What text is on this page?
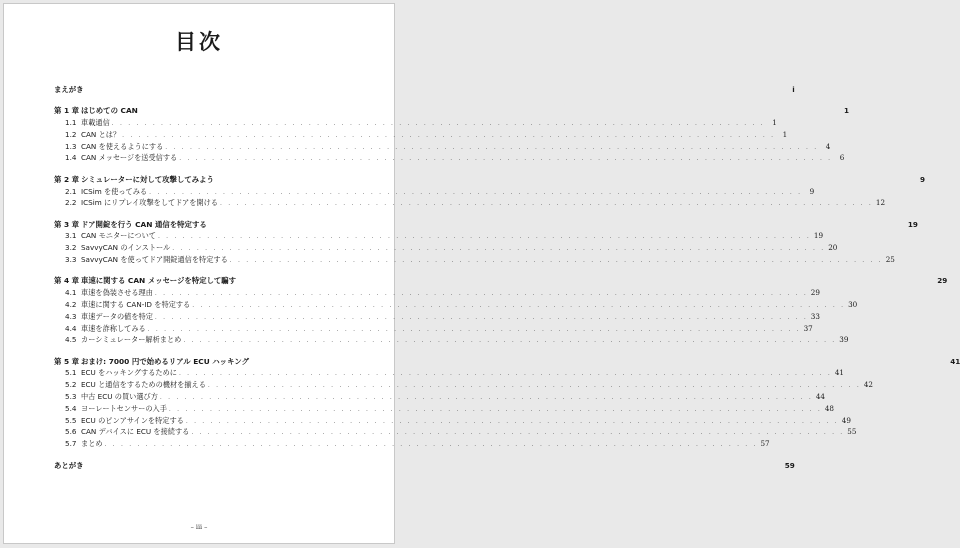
目次
まえがき	i
第 1 章 はじめての CAN	1
1.1 車載通信 . . . . . . . . . . . . . . . . . . . . . . . . . . . . . . . . . . . . . . . . . . . . . . . . . . . . . . . . . . . . . . . . . . . . . . . . . . . . . . . .	1
1.2 CAN とは？ . . . . . . . . . . . . . . . . . . . . . . . . . . . . . . . . . . . . . . . . . . . . . . . . . . . . . . . . . . . . . . . . . . . . . . . . . . . . . . . .	1
1.3 CAN を使えるようにする . . . . . . . . . . . . . . . . . . . . . . . . . . . . . . . . . . . . . . . . . . . . . . . . . . . . . . . . . . . . . . . . . . . . . . . . . . . . . . . .	4
1.4 CAN メッセージを送受信する . . . . . . . . . . . . . . . . . . . . . . . . . . . . . . . . . . . . . . . . . . . . . . . . . . . . . . . . . . . . . . . . . . . . . . . . . . . . . . . .	6
第 2 章 シミュレーターに対して攻撃してみよう	9
2.1 ICSim を使ってみる . . . . . . . . . . . . . . . . . . . . . . . . . . . . . . . . . . . . . . . . . . . . . . . . . . . . . . . . . . . . . . . . . . . . . . . . . . . . . . . .	9
2.2 ICSim にリプレイ攻撃をしてドアを開ける . . . . . . . . . . . . . . . . . . . . . . . . . . . . . . . . . . . . . . . . . . . . . . . . . . . . . . . . . . . . . . . . . . . . . . . . . . . . . . . . 12
第 3 章 ドア開錠を行う CAN 通信を特定する	19
3.1 CAN モニターについて . . . . . . . . . . . . . . . . . . . . . . . . . . . . . . . . . . . . . . . . . . . . . . . . . . . . . . . . . . . . . . . . . . . . . . . . . . . . . . . . 19
3.2 SavvyCAN のインストール . . . . . . . . . . . . . . . . . . . . . . . . . . . . . . . . . . . . . . . . . . . . . . . . . . . . . . . . . . . . . . . . . . . . . . . . . . . . . . . . 20
3.3 SavvyCAN を使ってドア開錠通信を特定する . . . . . . . . . . . . . . . . . . . . . . . . . . . . . . . . . . . . . . . . . . . . . . . . . . . . . . . . . . . . . . . . . . . . . . . . . . . . . . . . 25
第 4 章 車速に関する CAN メッセージを特定して騙す	29
4.1 車速を偽装させる理由 . . . . . . . . . . . . . . . . . . . . . . . . . . . . . . . . . . . . . . . . . . . . . . . . . . . . . . . . . . . . . . . . . . . . . . . . . . . . . . . . 29
4.2 車速に関する CAN-ID を特定する . . . . . . . . . . . . . . . . . . . . . . . . . . . . . . . . . . . . . . . . . . . . . . . . . . . . . . . . . . . . . . . . . . . . . . . . . . . . . . . . 30
4.3 車速データの値を特定 . . . . . . . . . . . . . . . . . . . . . . . . . . . . . . . . . . . . . . . . . . . . . . . . . . . . . . . . . . . . . . . . . . . . . . . . . . . . . . . . 33
4.4 車速を詐称してみる . . . . . . . . . . . . . . . . . . . . . . . . . . . . . . . . . . . . . . . . . . . . . . . . . . . . . . . . . . . . . . . . . . . . . . . . . . . . . . . . 37
4.5 カーシミュレーター解析まとめ . . . . . . . . . . . . . . . . . . . . . . . . . . . . . . . . . . . . . . . . . . . . . . . . . . . . . . . . . . . . . . . . . . . . . . . . . . . . . . . . 39
第 5 章 おまけ: 7000 円で始めるリアル ECU ハッキング	41
5.1 ECU をハッキングするために . . . . . . . . . . . . . . . . . . . . . . . . . . . . . . . . . . . . . . . . . . . . . . . . . . . . . . . . . . . . . . . . . . . . . . . . . . . . . . . . 41
5.2 ECU と通信をするための機材を揃える . . . . . . . . . . . . . . . . . . . . . . . . . . . . . . . . . . . . . . . . . . . . . . . . . . . . . . . . . . . . . . . . . . . . . . . . . . . . . . . . 42
5.3 中古 ECU の買い選び方 . . . . . . . . . . . . . . . . . . . . . . . . . . . . . . . . . . . . . . . . . . . . . . . . . . . . . . . . . . . . . . . . . . . . . . . . . . . . . . . . 44
5.4 ヨーレートセンサーの入手 . . . . . . . . . . . . . . . . . . . . . . . . . . . . . . . . . . . . . . . . . . . . . . . . . . . . . . . . . . . . . . . . . . . . . . . . . . . . . . . . 48
5.5 ECU のピンアサインを特定する . . . . . . . . . . . . . . . . . . . . . . . . . . . . . . . . . . . . . . . . . . . . . . . . . . . . . . . . . . . . . . . . . . . . . . . . . . . . . . . . 49
5.6 CAN デバイスに ECU を接続する . . . . . . . . . . . . . . . . . . . . . . . . . . . . . . . . . . . . . . . . . . . . . . . . . . . . . . . . . . . . . . . . . . . . . . . . . . . . . . . . 55
5.7 まとめ . . . . . . . . . . . . . . . . . . . . . . . . . . . . . . . . . . . . . . . . . . . . . . . . . . . . . . . . . . . . . . . . . . . . . . . . . . . . . . . . 57
あとがき	59
– iii –
